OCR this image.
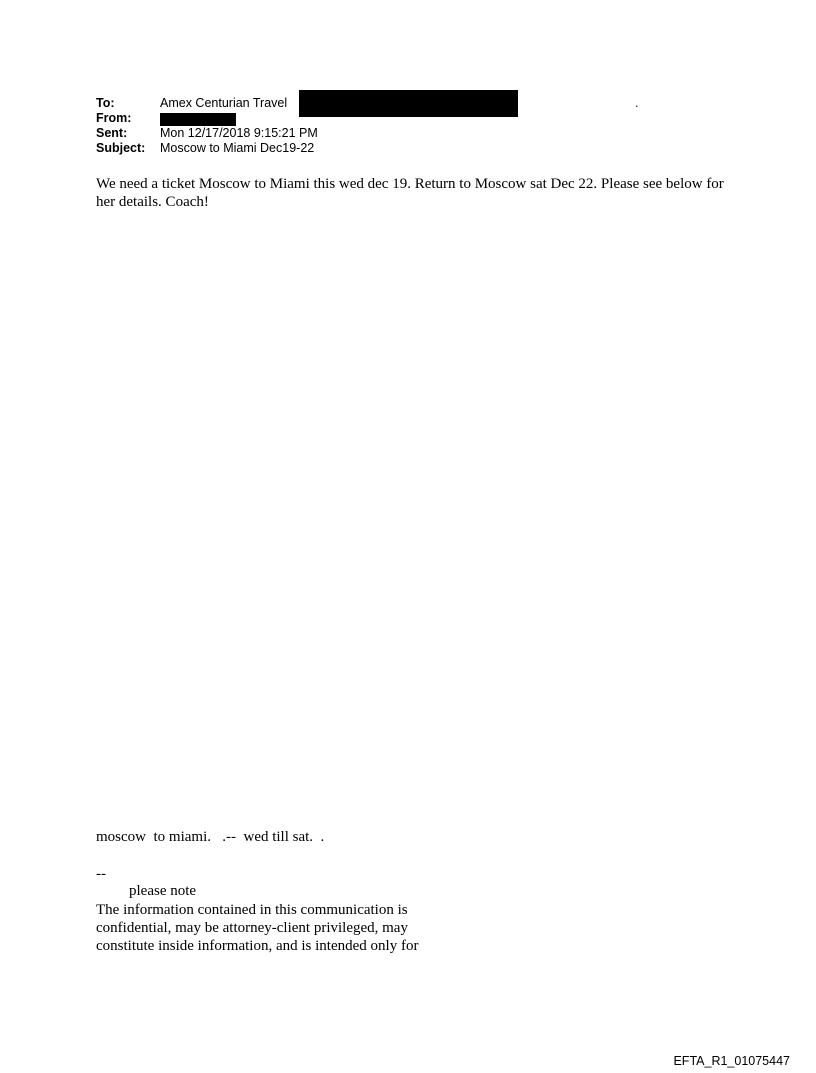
To:	Amex Centurian Travel	.
From:
Sent:	Mon 12/17/2018 9:15:21 PM
Subject: Moscow to Miami Dec19-22
We need a ticket Moscow to Miami this wed dec 19. Return to Moscow sat Dec 22. Please see below for her details. Coach!
moscow  to miami.   .--  wed till sat.  .
--
please note
The information contained in this communication is
confidential, may be attorney-client privileged, may
constitute inside information, and is intended only for
EFTA_R1_01075447
